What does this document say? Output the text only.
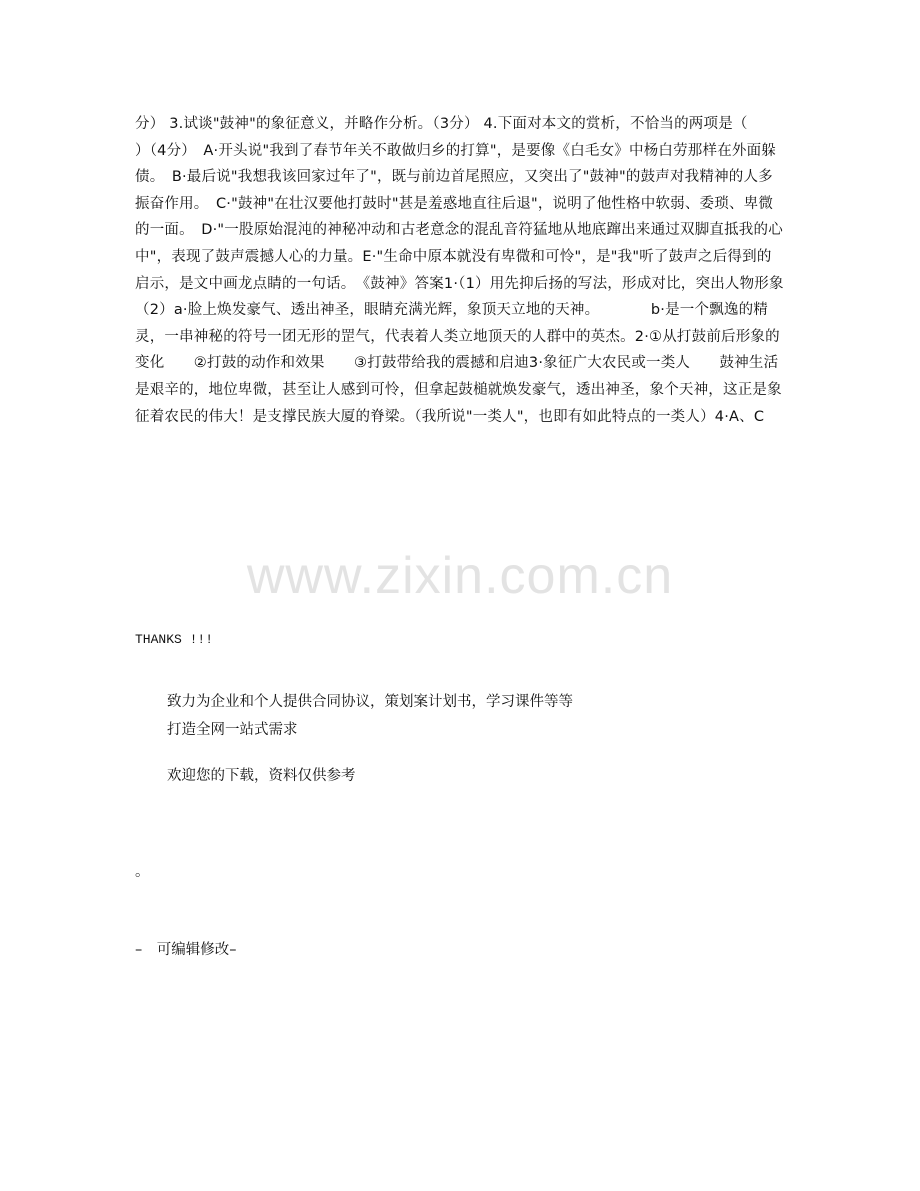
分） 3.试谈"鼓神"的象征意义，并略作分析。（3分） 4.下面对本文的赏析，不恰当的两项是（　　　）（4分）　A·开头说"我到了春节年关不敢做归乡的打算"，是要像《白毛女》中杨白劳那样在外面躲债。　B·最后说"我想我该回家过年了"，既与前边首尾照应，又突出了"鼓神"的鼓声对我精神的人多振奋作用。　C·"鼓神"在壮汉要他打鼓时"甚是羞惑地直往后退"，说明了他性格中软弱、委琐、卑微的一面。　D·"一股原始混沌的神秘冲动和古老意念的混乱音符猛地从地底蹿出来通过双脚直抵我的心中"，表现了鼓声震撼人心的力量。E·"生命中原本就没有卑微和可怜"，是"我"听了鼓声之后得到的启示，是文中画龙点睛的一句话。　《鼓神》答案1·（1）用先抑后扬的写法，形成对比，突出人物形象　　（2）a·脸上焕发豪气、透出神圣，眼睛充满光辉，象顶天立地的天神。　　　　b·是一个飘逸的精灵，一串神秘的符号一团无形的罡气，代表着人类立地顶天的人群中的英杰。2·①从打鼓前后形象的变化　　②打鼓的动作和效果　　③打鼓带给我的震撼和启迪3·象征广大农民或一类人　　鼓神生活是艰辛的，地位卑微，甚至让人感到可怜，但拿起鼓槌就焕发豪气，透出神圣，象个天神，这正是象征着农民的伟大！是支撑民族大厦的脊梁。（我所说"一类人"，也即有如此特点的一类人）4·A、C
www.zixin.com.cn
THANKS !!!
致力为企业和个人提供合同协议，策划案计划书，学习课件等等
打造全网一站式需求
欢迎您的下载，资料仅供参考
。
–　可编辑修改–
